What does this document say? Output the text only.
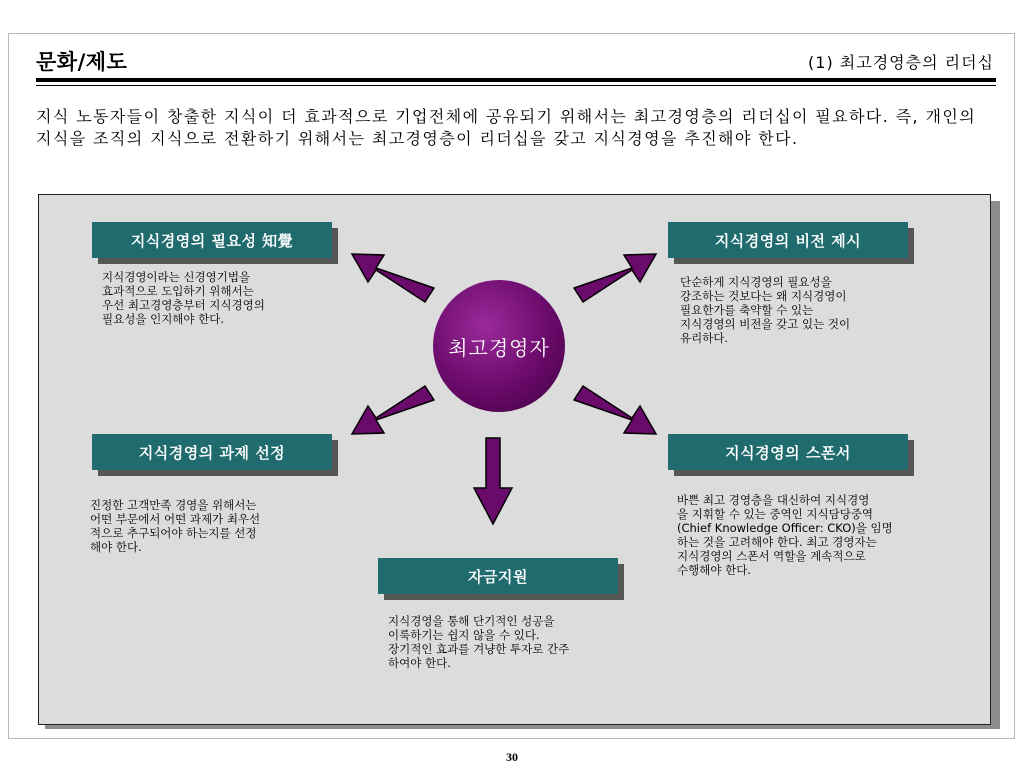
문화/제도	(1) 최고경영층의 리더십

지식 노동자들이 창출한 지식이 더 효과적으로 기업전체에 공유되기 위해서는 최고경영층의 리더십이 필요하다. 즉, 개인의 지식을 조직의 지식으로 전환하기 위해서는 최고경영층이 리더십을 갖고 지식경영을 추진해야 한다.

최고경영자
지식경영의 필요성 知覺

지식경영이라는 신경영기법을
효과적으로 도입하기 위해서는
우선 최고경영층부터 지식경영의
필요성을 인지해야 한다.

지식경영의 비전 제시

단순하게 지식경영의 필요성을
강조하는 것보다는 왜 지식경영이
필요한가를 축약할 수 있는
지식경영의 비전을 갖고 있는 것이
유리하다.

지식경영의 과제 선정

진정한 고객만족 경영을 위해서는
어떤 부문에서 어떤 과제가 최우선
적으로 추구되어야 하는지를 선정
해야 한다.

지식경영의 스폰서

바쁜 최고 경영층을 대신하여 지식경영
을 지휘할 수 있는 중역인 지식담당중역
(Chief Knowledge Officer: CKO)을 임명
하는 것을 고려해야 한다. 최고 경영자는
지식경영의 스폰서 역할을 계속적으로
수행해야 한다.

자금지원

지식경영을 통해 단기적인 성공을
이룩하기는 쉽지 않을 수 있다.
장기적인 효과를 겨냥한 투자로 간주
하여야 한다.

30
